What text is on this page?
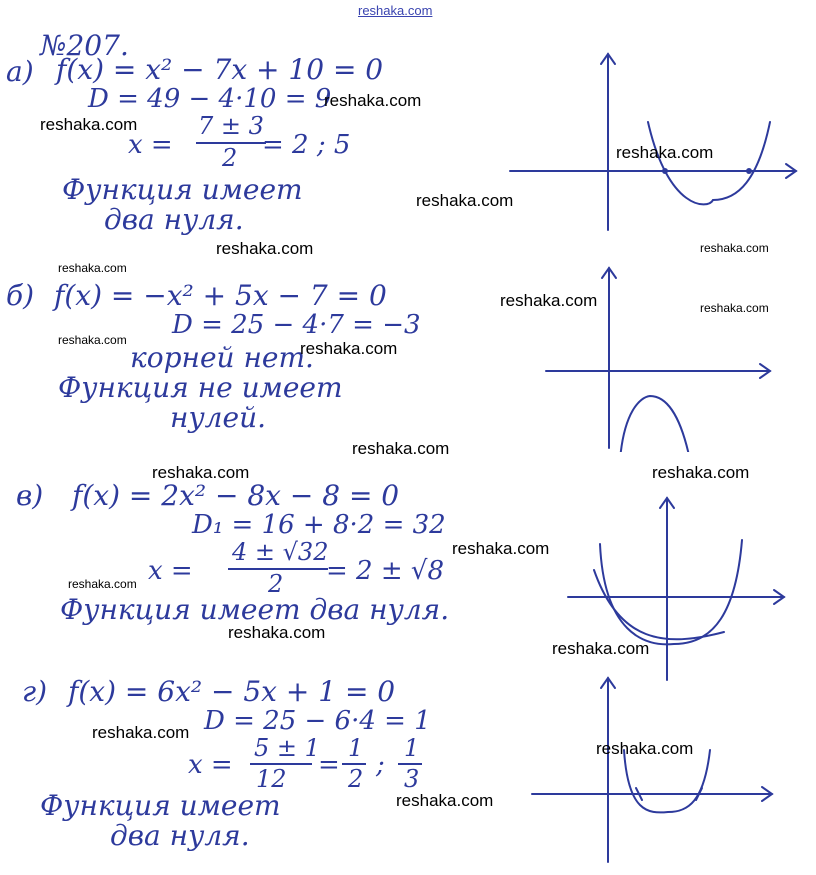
reshaka.com
№207.
а) f(x) = x² − 7x + 10 = 0
D = 49 − 4·10 = 9
x =
7 ± 3
2 = 2 ; 5
Функция имеет
два нуля.
б) f(x) = −x² + 5x − 7 = 0
D = 25 − 4·7 = −3
корней нет.
Функция не имеет
нулей.
в) f(x) = 2x² − 8x − 8 = 0
D₁ = 16 + 8·2 = 32
x =
4 ± √32
2 = 2 ± √8
Функция имеет два нуля.
г) f(x) = 6x² − 5x + 1 = 0
D = 25 − 6·4 = 1
x =
5 ± 1
12 =
1
2 ;
1
3
Функция имеет
два нуля.
reshaka.com
reshaka.com
reshaka.com
reshaka.com
reshaka.com	reshaka.com
reshaka.com
reshaka.com	reshaka.com
reshaka.com	reshaka.com
reshaka.com
reshaka.com	reshaka.com
reshaka.com
reshaka.com
reshaka.com
reshaka.com
reshaka.com
reshaka.com
reshaka.com
